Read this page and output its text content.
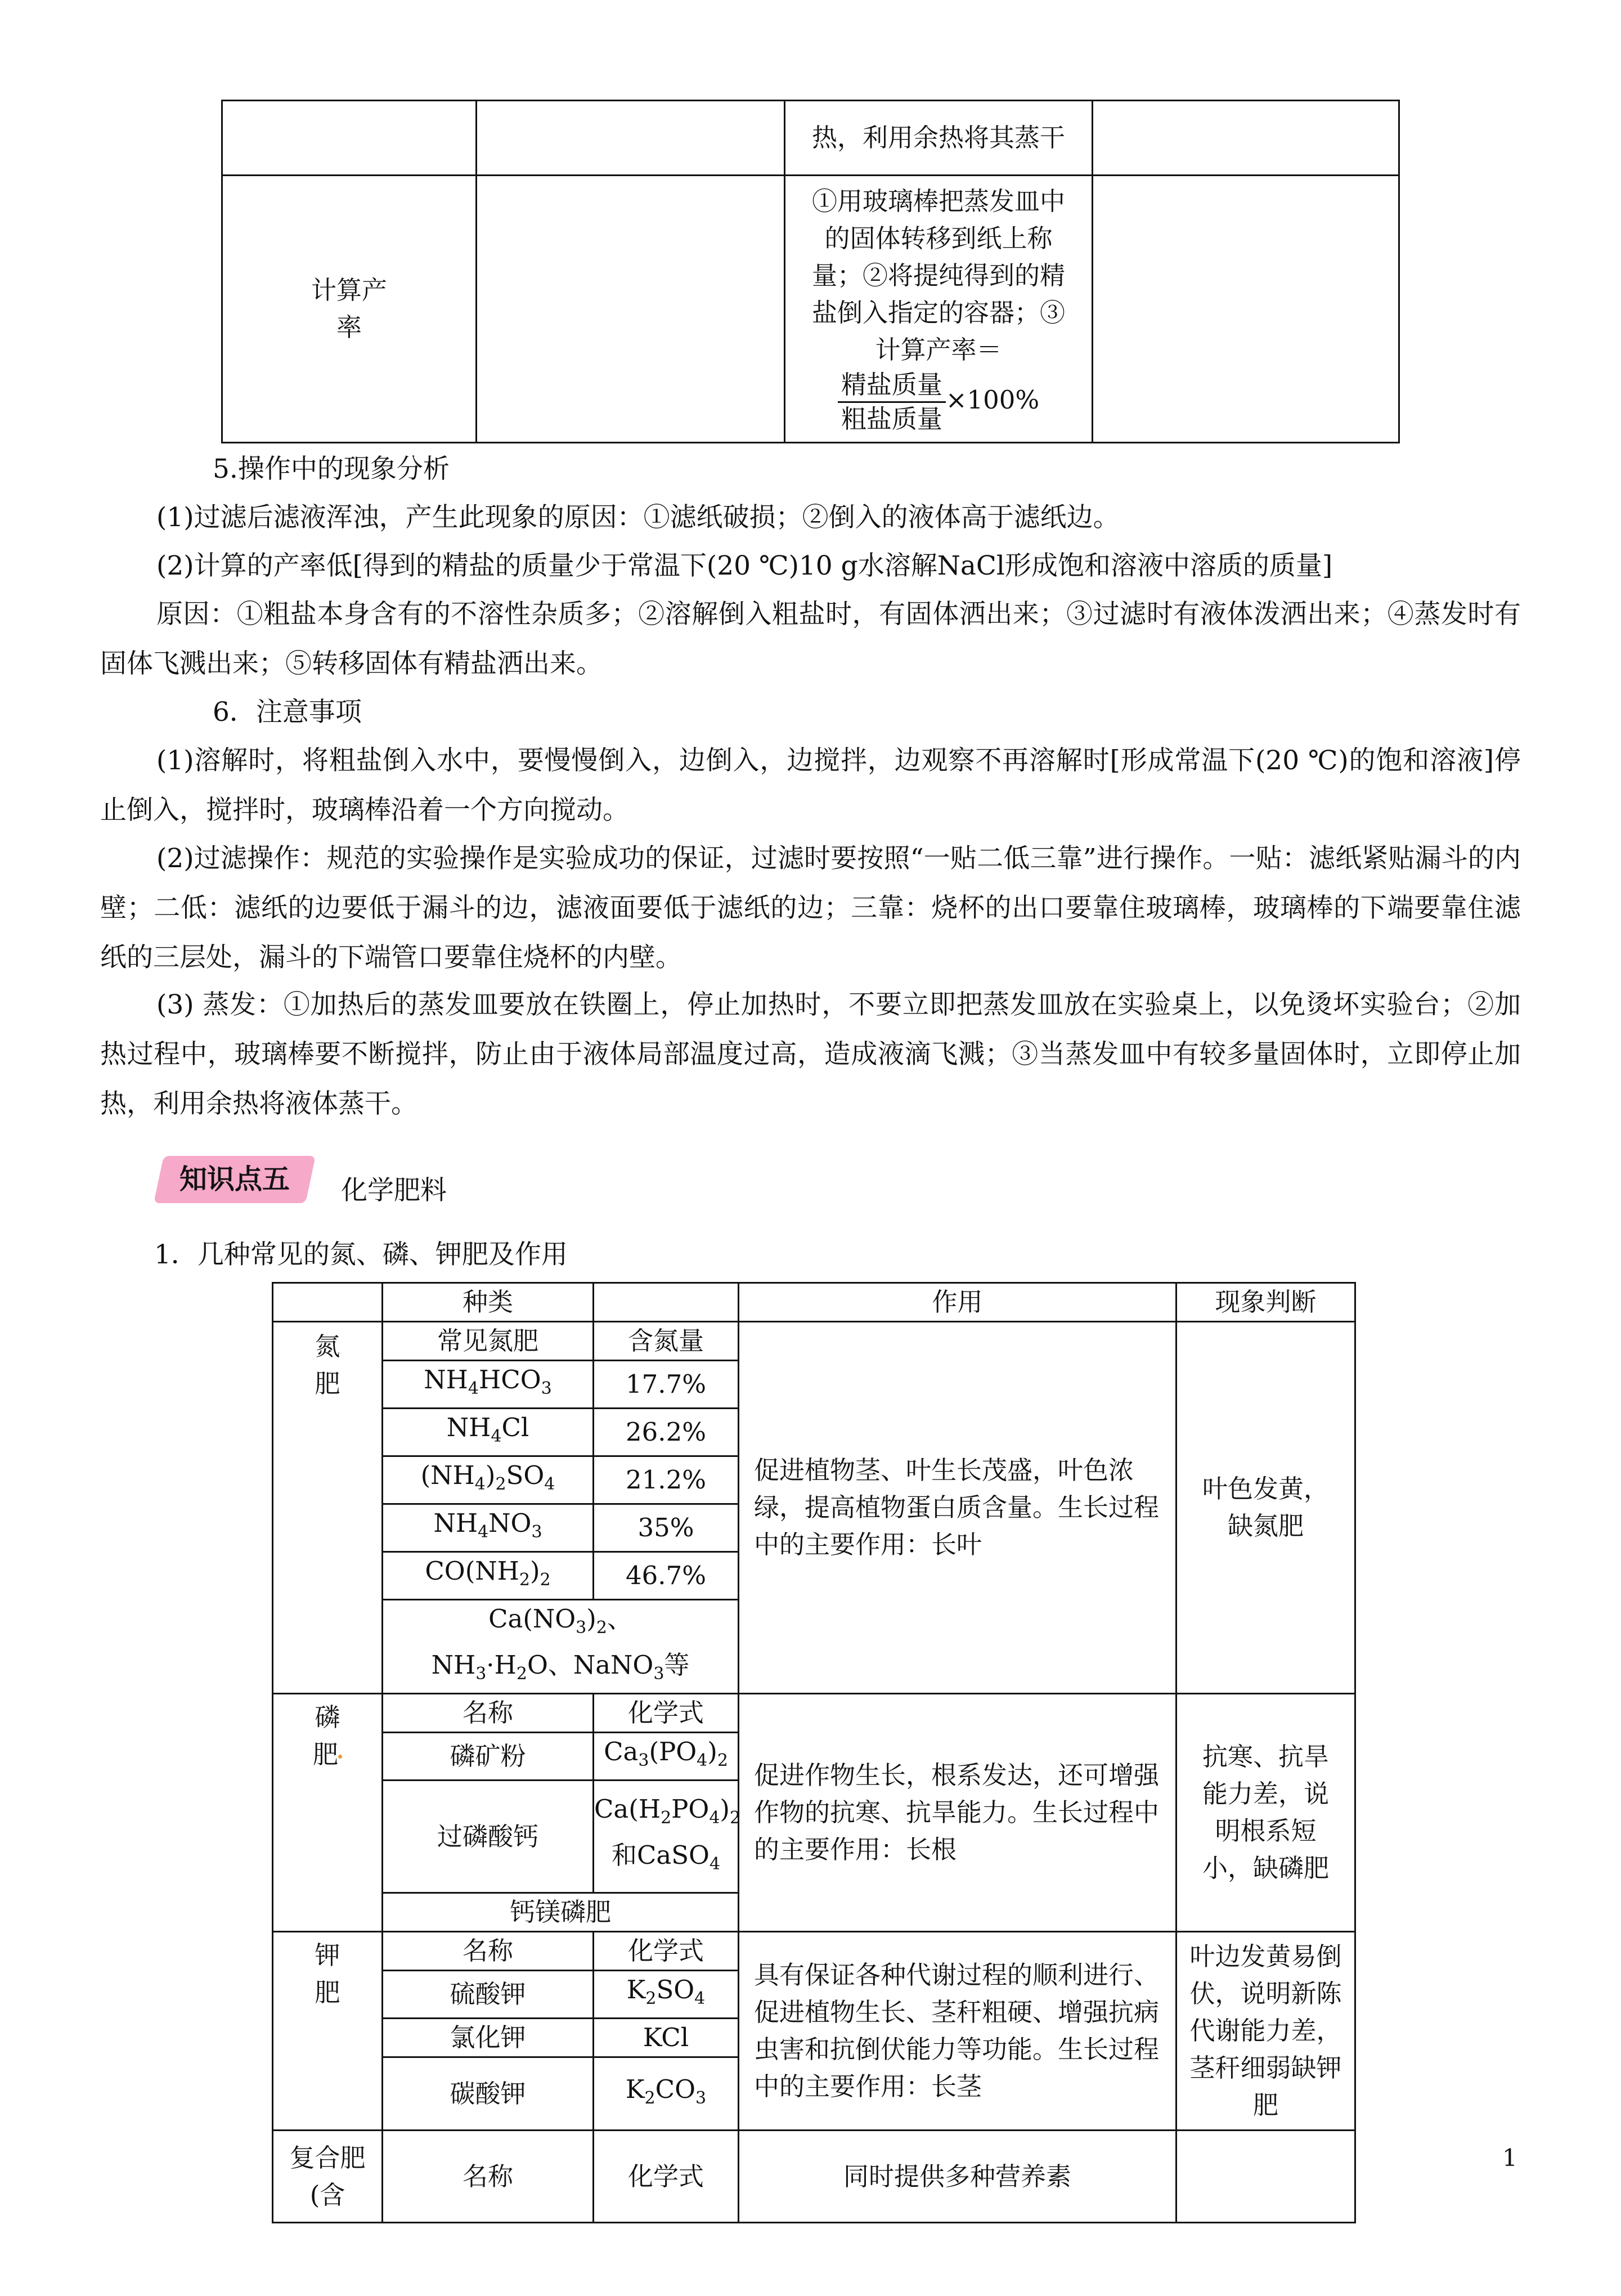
		热，利用余热将其蒸干	
计算产率		①用玻璃棒把蒸发皿中的固体转移到纸上称量；②将提纯得到的精盐倒入指定的容器；③计算产率＝

$\frac{\text{精盐质量}}{\text{粗盐质量}} \times 100\%$	
5.操作中的现象分析
(1)过滤后滤液浑浊，产生此现象的原因：①滤纸破损；②倒入的液体高于滤纸边。
(2)计算的产率低[得到的精盐的质量少于常温下(20 ℃)10 g水溶解NaCl形成饱和溶液中溶质的质量]
原因：①粗盐本身含有的不溶性杂质多；②溶解倒入粗盐时，有固体洒出来；③过滤时有液体泼洒出来；④蒸发时有固体飞溅出来；⑤转移固体有精盐洒出来。
6．注意事项
(1)溶解时，将粗盐倒入水中，要慢慢倒入，边倒入，边搅拌，边观察不再溶解时[形成常温下(20 ℃)的饱和溶液]停止倒入，搅拌时，玻璃棒沿着一个方向搅动。
(2)过滤操作：规范的实验操作是实验成功的保证，过滤时要按照“一贴二低三靠”进行操作。一贴：滤纸紧贴漏斗的内壁；二低：滤纸的边要低于漏斗的边，滤液面要低于滤纸的边；三靠：烧杯的出口要靠住玻璃棒，玻璃棒的下端要靠住滤纸的三层处，漏斗的下端管口要靠住烧杯的内壁。
(3) 蒸发：①加热后的蒸发皿要放在铁圈上，停止加热时，不要立即把蒸发皿放在实验桌上，以免烫坏实验台；②加热过程中，玻璃棒要不断搅拌，防止由于液体局部温度过高，造成液滴飞溅；③当蒸发皿中有较多量固体时，立即停止加热，利用余热将液体蒸干。
知识点五	化学肥料
1．几种常见的氮、磷、钾肥及作用
	种类		作用	现象判断
氮肥	常见氮肥	含氮量	促进植物茎、叶生长茂盛，叶色浓绿，提高植物蛋白质含量。生长过程中的主要作用：长叶	叶色发黄，缺氮肥
	$NH_4HCO_3$	17.7%		
	$NH_4Cl$	26.2%		
	$(NH_4)_2SO_4$	21.2%		
	$NH_4NO_3$	35%		
	$CO(NH_2)_2$	46.7%		
	$Ca(NO_3)_2$、$NH_3\cdot H_2O$、NaNO$_3$等			

磷肥	名称	化学式	促进作物生长，根系发达，还可增强作物的抗寒、抗旱能力。生长过程中的主要作用：长根	抗寒、抗旱能力差，说明根系短小，缺磷肥
	磷矿粉	$Ca_3(PO_4)_2$
	过磷酸钙	$Ca(H_2PO_4)_2$
和CaSO$_4$
	钙镁磷肥			

钾肥	名称	化学式	具有保证各种代谢过程的顺利进行、促进植物生长、茎秆粗硬、增强抗病虫害和抗倒伏能力等功能。生长过程中的主要作用：长茎	叶边发黄易倒伏，说明新陈代谢能力差，茎秆细弱缺钾肥
	硫酸钾	$K_2SO_4$
	氯化钾	KCl		
	碳酸钾	$K_2CO_3$
复合肥(含	名称	化学式	同时提供多种营养素	
1
